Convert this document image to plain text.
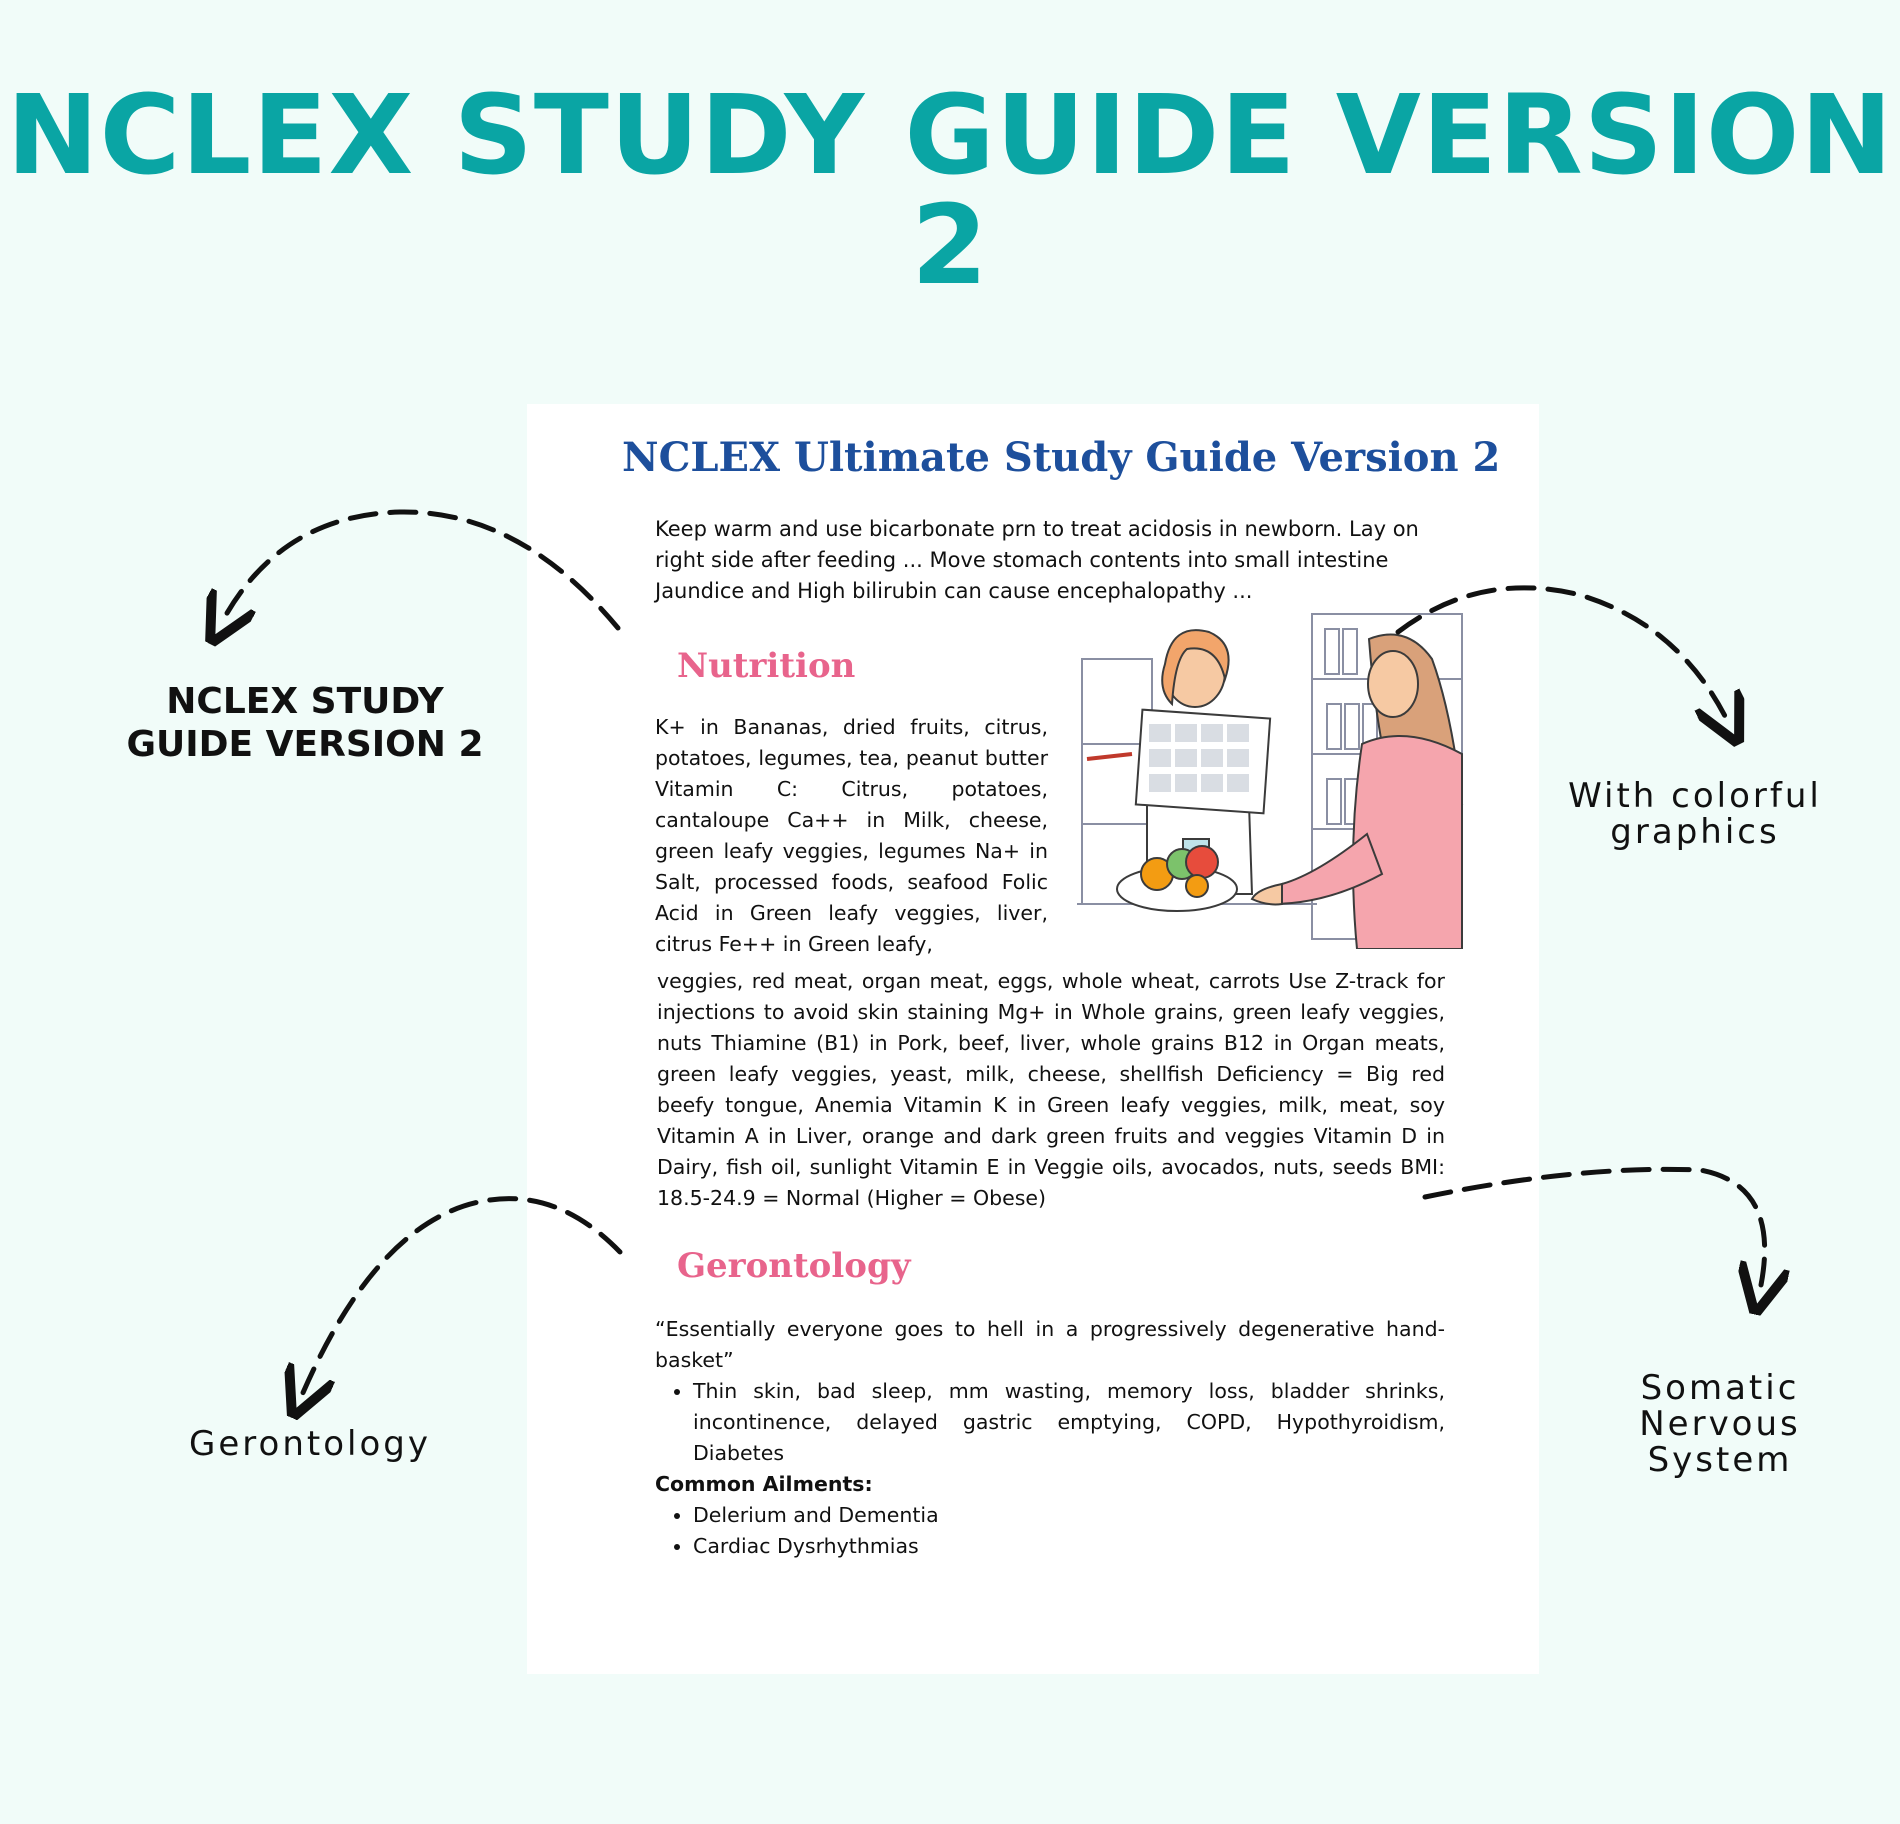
NCLEX STUDY GUIDE VERSION 2
NCLEX Ultimate Study Guide Version 2
Keep warm and use bicarbonate prn to treat acidosis in newborn. Lay on right side after feeding ... Move stomach contents into small intestine Jaundice and High bilirubin can cause encephalopathy ...
Nutrition
K+ in Bananas, dried fruits, citrus, potatoes, legumes, tea, peanut butter Vitamin C: Citrus, potatoes, cantaloupe Ca++ in Milk, cheese, green leafy veggies, legumes Na+ in Salt, processed foods, seafood Folic Acid in Green leafy veggies, liver, citrus Fe++ in Green leafy,
veggies, red meat, organ meat, eggs, whole wheat, carrots Use Z-track for injections to avoid skin staining Mg+ in Whole grains, green leafy veggies, nuts Thiamine (B1) in Pork, beef, liver, whole grains B12 in Organ meats, green leafy veggies, yeast, milk, cheese, shellfish Deficiency = Big red beefy tongue, Anemia Vitamin K in Green leafy veggies, milk, meat, soy Vitamin A in Liver, orange and dark green fruits and veggies Vitamin D in Dairy, fish oil, sunlight Vitamin E in Veggie oils, avocados, nuts, seeds BMI: 18.5-24.9 = Normal (Higher = Obese)
Gerontology
“Essentially everyone goes to hell in a progressively degenerative hand-basket”
• Thin skin, bad sleep, mm wasting, memory loss, bladder shrinks, incontinence, delayed gastric emptying, COPD, Hypothyroidism, Diabetes
Common Ailments:
• Delerium and Dementia
• Cardiac Dysrhythmias
NCLEX STUDY GUIDE VERSION 2
With colorful graphics
Gerontology
Somatic Nervous System
